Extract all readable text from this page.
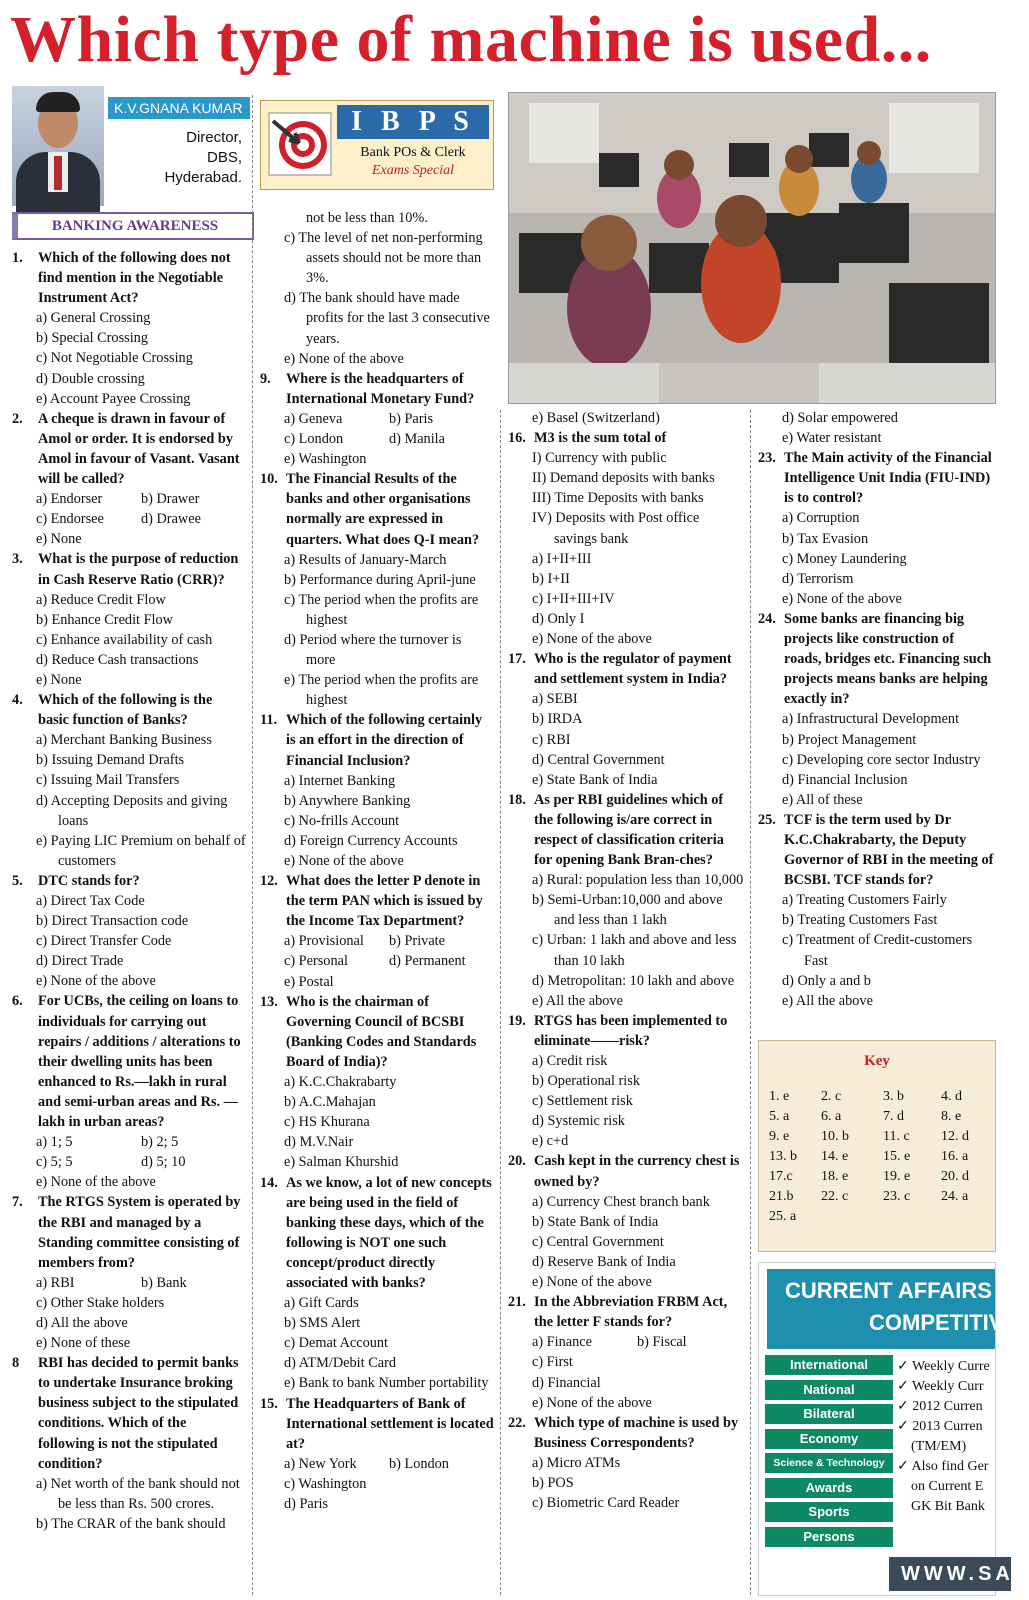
Which type of machine is used...
K.V.GNANA KUMAR
Director,
DBS,
Hyderabad.
BANKING AWARENESS
I B P S
Bank POs & Clerk
Exams Special

1. Which of the following does not find mention in the Negotiable Instrument Act?

a) General Crossing

b) Special Crossing

c) Not Negotiable Crossing

d) Double crossing

e) Account Payee Crossing

2. A cheque is drawn in favour of Amol or order. It is endorsed by Amol in favour of Vasant. Vasant will be called?

a) Endorser	b) Drawer
c) Endorsee	d) Drawee

e) None

3. What is the purpose of reduction in Cash Reserve Ratio (CRR)?

a) Reduce Credit Flow

b) Enhance Credit Flow

c) Enhance availability of cash

d) Reduce Cash transactions

e) None

4. Which of the following is the basic function of Banks?

a) Merchant Banking Business

b) Issuing Demand Drafts

c) Issuing Mail Transfers

d) Accepting Deposits and giving loans

e) Paying LIC Premium on behalf of customers

5. DTC stands for?

a) Direct Tax Code

b) Direct Transaction code

c) Direct Transfer Code

d) Direct Trade

e) None of the above

6. For UCBs, the ceiling on loans to individuals for carrying out repairs / additions / alterations to their dwelling units has been enhanced to Rs.—lakh in rural and semi-urban areas and Rs. — lakh in urban areas?

a) 1; 5	b) 2; 5
c) 5; 5	d) 5; 10

e) None of the above

7. The RTGS System is operated by the RBI and managed by a Standing committee consisting of members from?

a) RBI	b) Bank

c) Other Stake holders

d) All the above

e) None of these

8 RBI has decided to permit banks to undertake Insurance broking business subject to the stipulated conditions. Which of the following is not the stipulated condition?

a) Net worth of the bank should not be less than Rs. 500 crores.

b) The CRAR of the bank should

not be less than 10%.

c) The level of net non-performing assets should not be more than 3%.

d) The bank should have made profits for the last 3 consecutive years.

e) None of the above

9. Where is the headquarters of International Monetary Fund?

a) Geneva	b) Paris
c) London	d) Manila

e) Washington

10. The Financial Results of the banks and other organisations normally are expressed in quarters. What does Q-I mean?

a) Results of January-March

b) Performance during April-june

c) The period when the profits are highest

d) Period where the turnover is more

e) The period when the profits are highest

11. Which of the following certainly is an effort in the direction of Financial Inclusion?

a) Internet Banking

b) Anywhere Banking

c) No-frills Account

d) Foreign Currency Accounts

e) None of the above

12. What does the letter P denote in the term PAN which is issued by the Income Tax Department?

a) Provisional	b) Private
c) Personal	d) Permanent

e) Postal

13. Who is the chairman of Governing Council of BCSBI (Banking Codes and Standards Board of India)?

a) K.C.Chakrabarty

b) A.C.Mahajan

c) HS Khurana

d) M.V.Nair

e) Salman Khurshid

14. As we know, a lot of new concepts are being used in the field of banking these days, which of the following is NOT one such concept/product directly associated with banks?

a) Gift Cards

b) SMS Alert

c) Demat Account

d) ATM/Debit Card

e) Bank to bank Number portability

15. The Headquarters of Bank of International settlement is located at?

a) New York	b) London

c) Washington

d) Paris

e) Basel (Switzerland)

16. M3 is the sum total of

I) Currency with public

II) Demand deposits with banks

III) Time Deposits with banks

IV) Deposits with Post office savings bank

a) I+II+III

b) I+II

c) I+II+III+IV

d) Only I

e) None of the above

17. Who is the regulator of payment and settlement system in India?

a) SEBI

b) IRDA

c) RBI

d) Central Government

e) State Bank of India

18. As per RBI guidelines which of the following is/are correct in respect of classification criteria for opening Bank Bran-ches?

a) Rural: population less than 10,000

b) Semi-Urban:10,000 and above and less than 1 lakh

c) Urban: 1 lakh and above and less than 10 lakh

d) Metropolitan: 10 lakh and above

e) All the above

19. RTGS has been implemented to eliminate——risk?

a) Credit risk

b) Operational risk

c) Settlement risk

d) Systemic risk

e) c+d

20. Cash kept in the currency chest is owned by?

a) Currency Chest branch bank

b) State Bank of India

c) Central Government

d) Reserve Bank of India

e) None of the above

21. In the Abbreviation FRBM Act, the letter F stands for?

a) Finance	b) Fiscal

c) First

d) Financial

e) None of the above

22. Which type of machine is used by Business Correspondents?

a) Micro ATMs

b) POS

c) Biometric Card Reader

d) Solar empowered

e) Water resistant

23. The Main activity of the Financial Intelligence Unit India (FIU-IND) is to control?

a) Corruption

b) Tax Evasion

c) Money Laundering

d) Terrorism

e) None of the above

24. Some banks are financing big projects like construction of roads, bridges etc. Financing such projects means banks are helping exactly in?

a) Infrastructural Development

b) Project Management

c) Developing core sector Industry

d) Financial Inclusion

e) All of these

25. TCF is the term used by Dr K.C.Chakrabarty, the Deputy Governor of RBI in the meeting of BCSBI. TCF stands for?

a) Treating Customers Fairly

b) Treating Customers Fast

c) Treatment of Credit-customers Fast

d) Only a and b

e) All the above

Key
1. e	2. c	3. b	4. d
5. a	6. a	7. d	8. e
9. e	10. b	11. c	12. d
13. b	14. e	15. e	16. a
17.c	18. e	19. e	20. d
21.b	22. c	23. c	24. a
25. a
CURRENT AFFAIRS FO
COMPETITIVE
International
National
Bilateral
Economy
Science & Technology
Awards
Sports
Persons
✓ Weekly Curre
✓ Weekly Curr
✓ 2012 Curren
✓ 2013 Curren
(TM/EM)
✓ Also find Ger
on Current E
GK Bit Bank
WWW.SA
